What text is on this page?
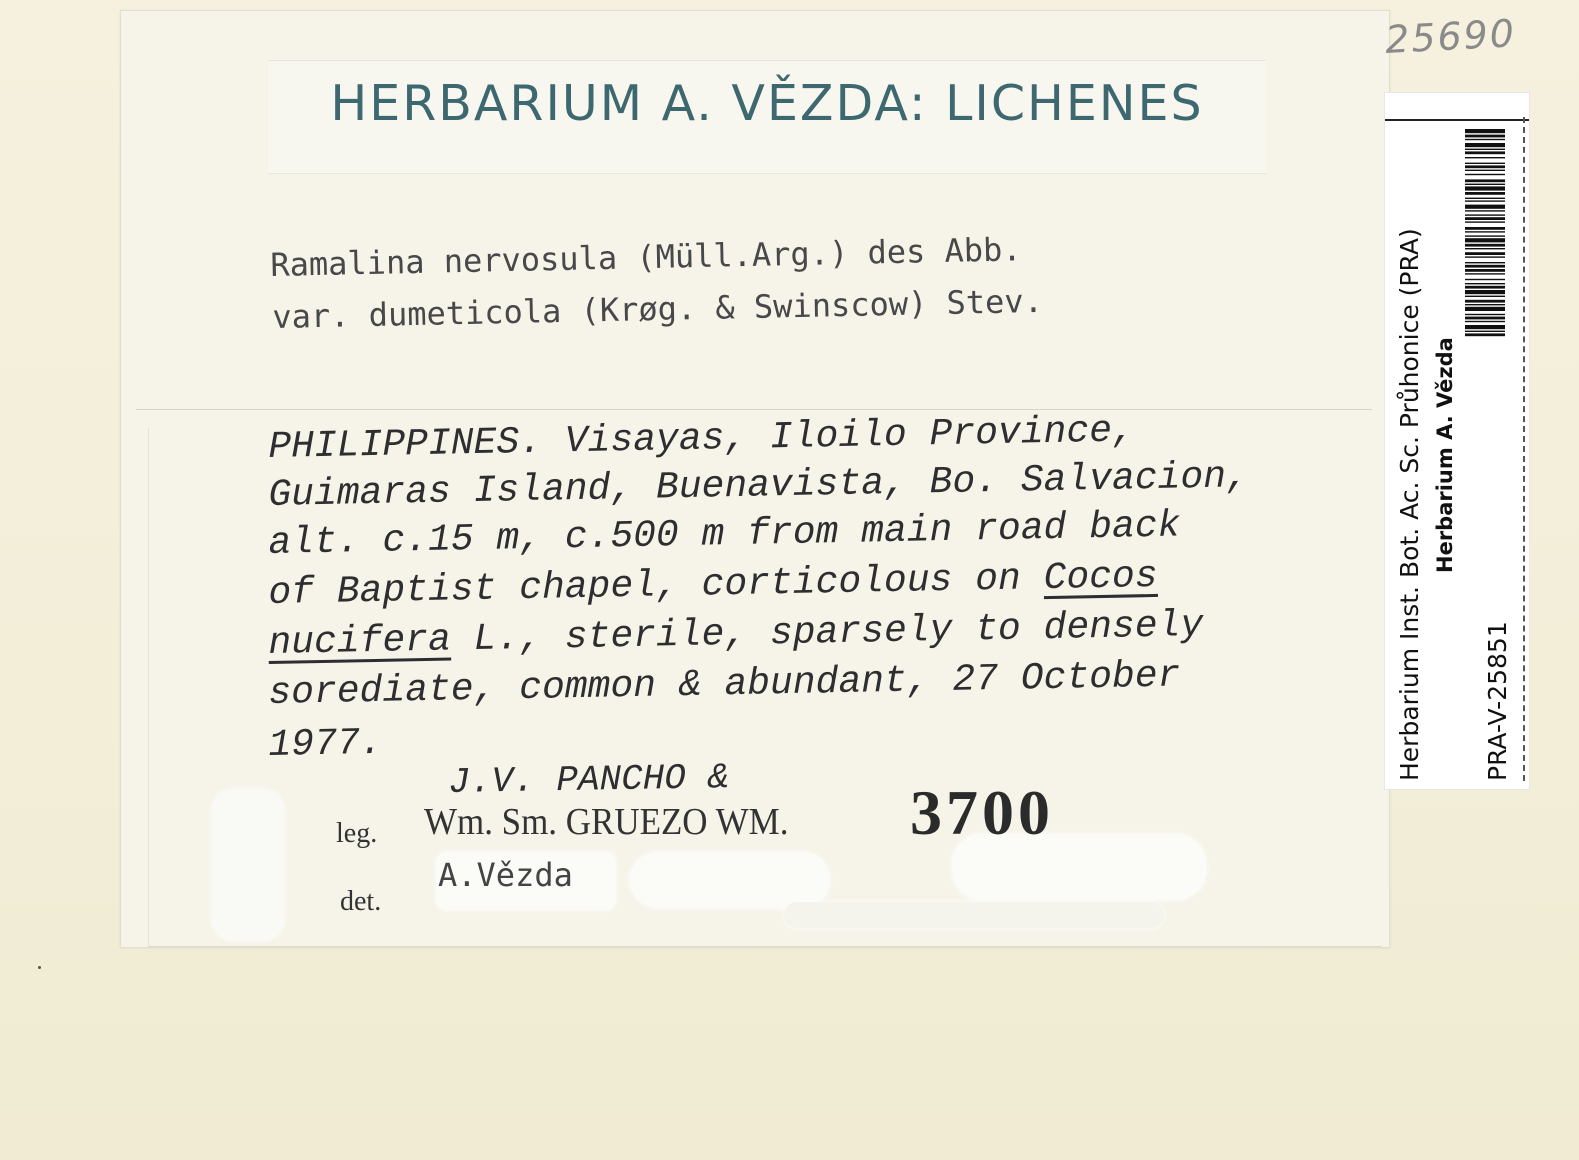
HERBARIUM A. VĚZDA: LICHENES
Ramalina nervosula (Müll.Arg.) des Abb.
var. dumeticola (Krøg. & Swinscow) Stev.
PHILIPPINES. Visayas, Iloilo Province,
Guimaras Island, Buenavista, Bo. Salvacion,
alt. c.15 m, c.500 m from main road back
of Baptist chapel, corticolous on Cocos
nucifera L., sterile, sparsely to densely
sorediate, common & abundant, 27 October
1977.
J.V. PANCHO &
leg. Wm. Sm. GRUEZO WM. 3700
det.
A.Vězda
25690
Herbarium Inst. Bot. Ac. Sc. Průhonice (PRA) Herbarium A. Vězda
PRA-V-25851
